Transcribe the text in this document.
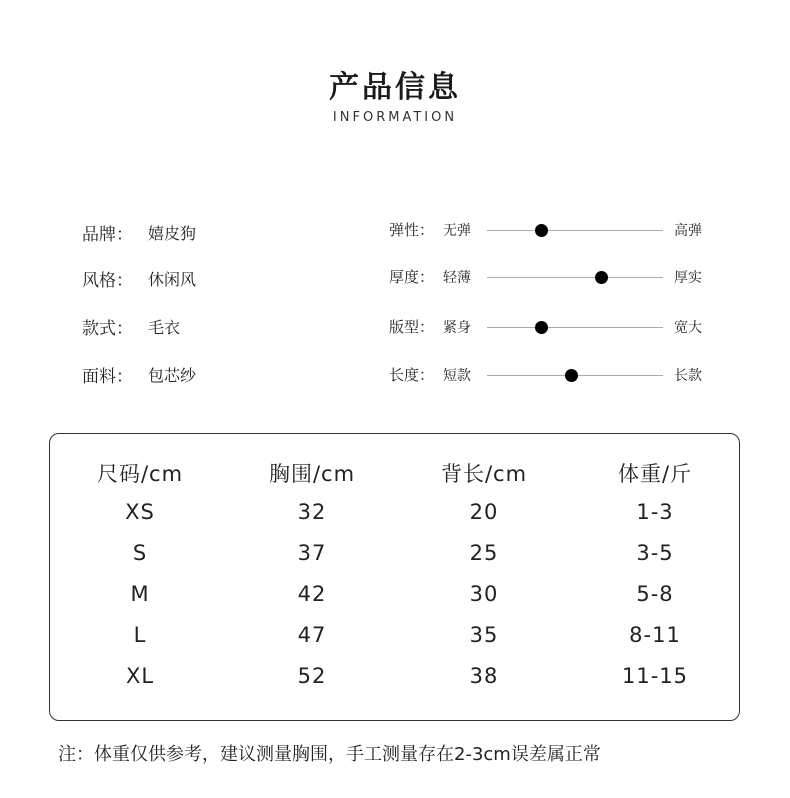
产品信息
INFORMATION
品牌： 嬉皮狗
风格： 休闲风
款式： 毛衣
面料： 包芯纱
弹性： 无弹	高弹
厚度： 轻薄	厚实
版型： 紧身	宽大
长度： 短款	长款
尺码/cm	胸围/cm	背长/cm	体重/斤
XS	32	20	1-3
S	37	25	3-5
M	42	30	5-8
L	47	35	8-11
XL	52	38	11-15
注：体重仅供参考，建议测量胸围，手工测量存在2-3cm误差属正常
